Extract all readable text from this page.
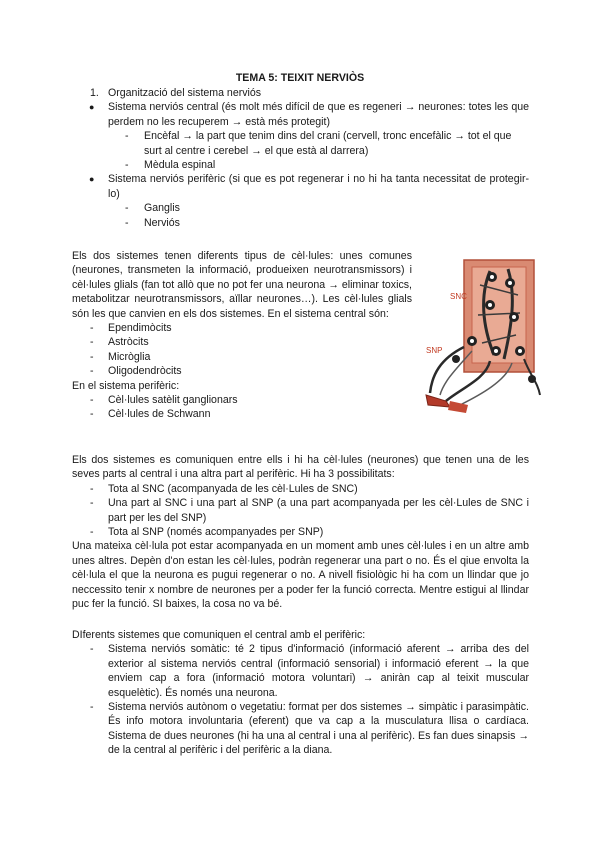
TEMA 5: TEIXIT NERVIÒS
1. Organització del sistema nerviós
● Sistema nerviós central (és molt més difícil de que es regeneri → neurones: totes les que perdem no les recuperem → està més protegit)
- Encèfal → la part que tenim dins del crani (cervell, tronc encefàlic → tot el que surt al centre i cerebel → el que està al darrera)
- Mèdula espinal
● Sistema nerviós perifèric (si que es pot regenerar i no hi ha tanta necessitat de protegir-lo)
- Ganglis
- Nerviós
Els dos sistemes tenen diferents tipus de cèl·lules: unes comunes (neurones, transmeten la informació, produeixen neurotransmissors) i cèl·lules glials (fan tot allò que no pot fer una neurona → eliminar toxics, metabolitzar neurotransmissors, aïllar neurones…). Les cèl·lules glials són les que canvien en els dos sistemes. En el sistema central són:
- Ependimòcits
- Astròcits
- Micròglia
- Oligodendròcits
En el sistema perifèric:
- Cèl·lules satèlit ganglionars
- Cèl·lules de Schwann
SNC
SNP
Els dos sistemes es comuniquen entre ells i hi ha cèl·lules (neurones) que tenen una de les seves parts al central i una altra part al perifèric. Hi ha 3 possibilitats:
- Tota al SNC (acompanyada de les cèl·Lules de SNC)
- Una part al SNC i una part al SNP (a una part acompanyada per les cèl·Lules de SNC i part per les del SNP)
- Tota al SNP (només acompanyades per SNP)
Una mateixa cèl·lula pot estar acompanyada en un moment amb unes cèl·lules i en un altre amb unes altres. Depèn d'on estan les cèl·lules, podràn regenerar una part o no. És el qiue envolta la cèl·lula el que la neurona es pugui regenerar o no. A nivell fisiològic hi ha com un llindar que jo neccessito tenir x nombre de neurones per a poder fer la funció correcta. Mentre estigui al llindar puc fer la funció. SI baixes, la cosa no va bé.
DIferents sistemes que comuniquen el central amb el perifèric:
- Sistema nerviós somàtic: té 2 tipus d'informació (informació aferent → arriba des del exterior al sistema nerviós central (informació sensorial) i informació eferent → la que enviem cap a fora (informació motora voluntari) → aniràn cap al teixit muscular esquelètic). És només una neurona.
- Sistema nerviós autònom o vegetatiu: format per dos sistemes → simpàtic i parasimpàtic. És info motora involuntaria (eferent) que va cap a la musculatura llisa o cardíaca. Sistema de dues neurones (hi ha una al central i una al perifèric). Es fan dues sinapsis → de la central al perifèric i del perifèric a la diana.
